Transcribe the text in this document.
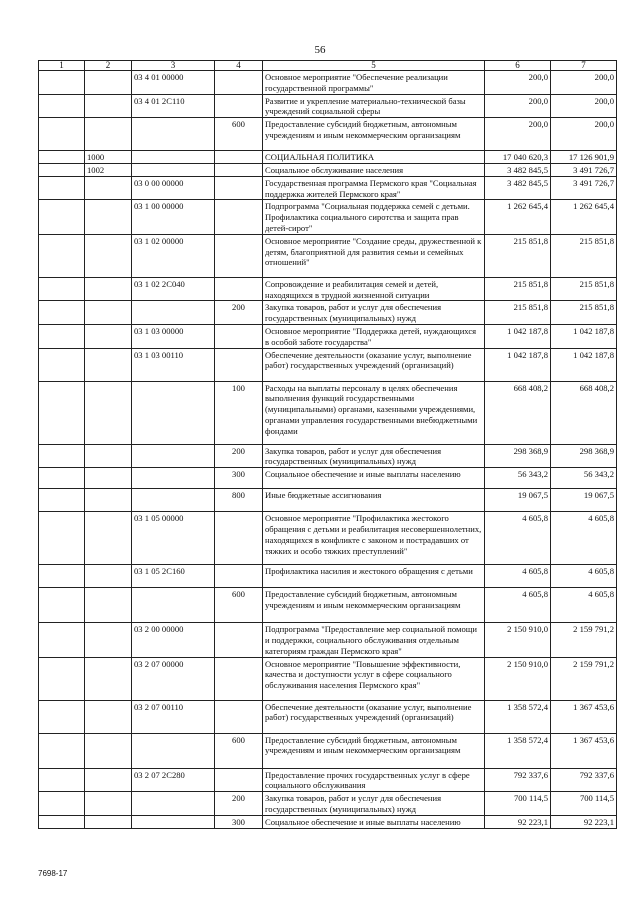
56
1	2	3	4	5	6	7
		03 4 01 00000		Основное мероприятие "Обеспечение реализации государственной программы"	200,0	200,0
		03 4 01 2C110		Развитие и укрепление материально-технической базы учреждений социальной сферы	200,0	200,0
			600	Предоставление субсидий бюджетным, автономным учреждениям и иным некоммерческим организациям	200,0	200,0
	1000			СОЦИАЛЬНАЯ ПОЛИТИКА	17 040 620,3	17 126 901,9
	1002			Социальное обслуживание населения	3 482 845,5	3 491 726,7
		03 0 00 00000		Государственная программа Пермского края "Социальная поддержка жителей Пермского края"	3 482 845,5	3 491 726,7
		03 1 00 00000		Подпрограмма "Социальная поддержка семей с детьми. Профилактика социального сиротства и защита прав детей-сирот"	1 262 645,4	1 262 645,4
		03 1 02 00000		Основное мероприятие "Создание среды, дружественной к детям, благоприятной для развития семьи и семейных отношений"	215 851,8	215 851,8
		03 1 02 2C040		Сопровождение и реабилитация семей и детей, находящихся в трудной жизненной ситуации	215 851,8	215 851,8
			200	Закупка товаров, работ и услуг для обеспечения государственных (муниципальных) нужд	215 851,8	215 851,8
		03 1 03 00000		Основное мероприятие "Поддержка детей, нуждающихся в особой заботе государства"	1 042 187,8	1 042 187,8
		03 1 03 00110		Обеспечение деятельности (оказание услуг, выполнение работ) государственных учреждений (организаций)	1 042 187,8	1 042 187,8
			100	Расходы на выплаты персоналу в целях обеспечения выполнения функций государственными (муниципальными) органами, казенными учреждениями, органами управления государственными внебюджетными фондами	668 408,2	668 408,2
			200	Закупка товаров, работ и услуг для обеспечения государственных (муниципальных) нужд	298 368,9	298 368,9
			300	Социальное обеспечение и иные выплаты населению	56 343,2	56 343,2
			800	Иные бюджетные ассигнования	19 067,5	19 067,5
		03 1 05 00000		Основное мероприятие "Профилактика жестокого обращения с детьми и реабилитация несовершеннолетних, находящихся в конфликте с законом и пострадавших от тяжких и особо тяжких преступлений"	4 605,8	4 605,8
		03 1 05 2C160		Профилактика насилия и жестокого обращения с детьми	4 605,8	4 605,8
			600	Предоставление субсидий бюджетным, автономным учреждениям и иным некоммерческим организациям	4 605,8	4 605,8
		03 2 00 00000		Подпрограмма "Предоставление мер социальной помощи и поддержки, социального обслуживания отдельным категориям граждан Пермского края"	2 150 910,0	2 159 791,2
		03 2 07 00000		Основное мероприятие "Повышение эффективности, качества и доступности услуг в сфере социального обслуживания населения Пермского края"	2 150 910,0	2 159 791,2
		03 2 07 00110		Обеспечение деятельности (оказание услуг, выполнение работ) государственных учреждений (организаций)	1 358 572,4	1 367 453,6
			600	Предоставление субсидий бюджетным, автономным учреждениям и иным некоммерческим организациям	1 358 572,4	1 367 453,6
		03 2 07 2C280		Предоставление прочих государственных услуг в сфере социального обслуживания	792 337,6	792 337,6
			200	Закупка товаров, работ и услуг для обеспечения государственных (муниципальных) нужд	700 114,5	700 114,5
			300	Социальное обеспечение и иные выплаты населению	92 223,1	92 223,1
7698-17
